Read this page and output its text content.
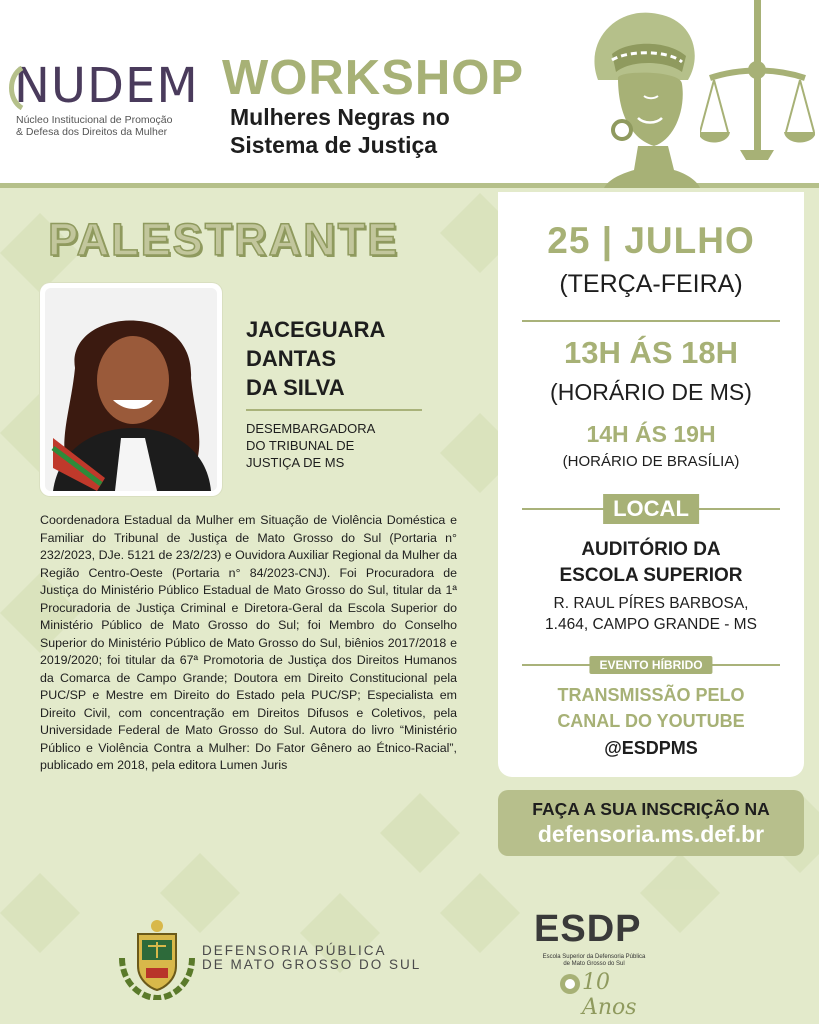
NUDEM
Núcleo Institucional de Promoção
& Defesa dos Direitos da Mulher
WORKSHOP
Mulheres Negras no
Sistema de Justiça
PALESTRANTE
JACEGUARA
DANTAS
DA SILVA
DESEMBARGADORA
DO TRIBUNAL DE
JUSTIÇA DE MS
Coordenadora Estadual da Mulher em Situação de Violência Doméstica e Familiar do Tribunal de Justiça de Mato Grosso do Sul (Portaria n° 232/2023, DJe. 5121 de 23/2/23) e Ouvidora Auxiliar Regional da Mulher da Região Centro-Oeste (Portaria n° 84/2023-CNJ). Foi Procuradora de Justiça do Ministério Público Estadual de Mato Grosso do Sul, titular da 1ª Procuradoria de Justiça Criminal e Diretora-Geral da Escola Superior do Ministério Público de Mato Grosso do Sul; foi Membro do Conselho Superior do Ministério Público de Mato Grosso do Sul, biênios 2017/2018 e 2019/2020; foi titular da 67ª Promotoria de Justiça dos Direitos Humanos da Comarca de Campo Grande; Doutora em Direito Constitucional pela PUC/SP e Mestre em Direito do Estado pela PUC/SP; Especialista em Direito Civil, com concentração em Direitos Difusos e Coletivos, pela Universidade Federal de Mato Grosso do Sul. Autora do livro “Ministério Público e Violência Contra a Mulher: Do Fator Gênero ao Étnico-Racial”, publicado em 2018, pela editora Lumen Juris
25 | JULHO
(TERÇA-FEIRA)
13H ÁS 18H
(HORÁRIO DE MS)
14H ÁS 19H
(HORÁRIO DE BRASÍLIA)
LOCAL
AUDITÓRIO DA
ESCOLA SUPERIOR
R. RAUL PÍRES BARBOSA,
1.464, CAMPO GRANDE - MS
EVENTO HÍBRIDO
TRANSMISSÃO PELO
CANAL DO YOUTUBE
@ESDPMS
FAÇA A SUA INSCRIÇÃO NA
defensoria.ms.def.br
DEFENSORIA PÚBLICA
DE MATO GROSSO DO SUL
ESDP
Escola Superior da Defensoria Pública
de Mato Grosso do Sul
10 Anos
